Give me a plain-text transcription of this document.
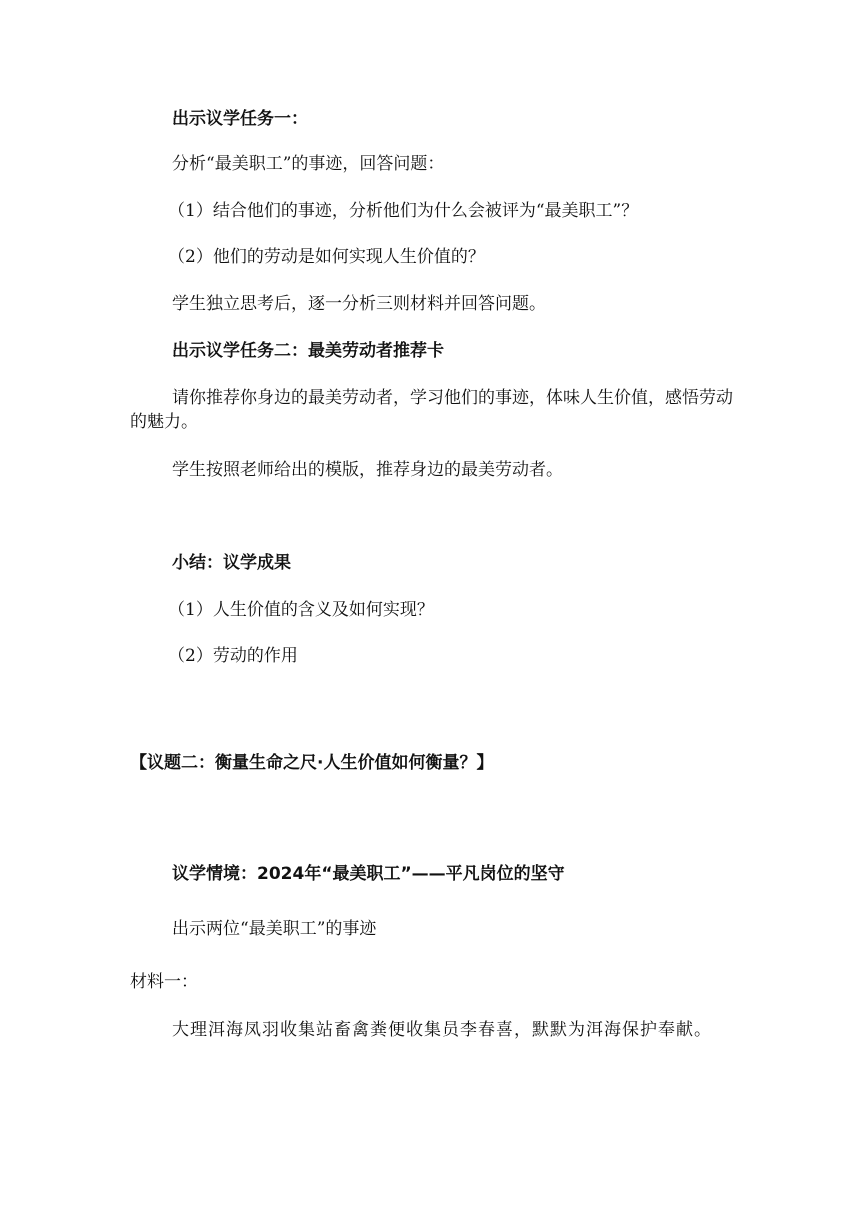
出示议学任务一：
分析“最美职工”的事迹，回答问题：
（1）结合他们的事迹，分析他们为什么会被评为“最美职工”？
（2）他们的劳动是如何实现人生价值的？
学生独立思考后，逐一分析三则材料并回答问题。
出示议学任务二：最美劳动者推荐卡
请你推荐你身边的最美劳动者，学习他们的事迹，体味人生价值，感悟劳动的魅力。
学生按照老师给出的模版，推荐身边的最美劳动者。
小结：议学成果
（1）人生价值的含义及如何实现？
（2）劳动的作用
【议题二：衡量生命之尺·人生价值如何衡量？】
议学情境：2024年“最美职工”——平凡岗位的坚守
出示两位“最美职工”的事迹
材料一：
大理洱海凤羽收集站畜禽粪便收集员李春喜，默默为洱海保护奉献。
